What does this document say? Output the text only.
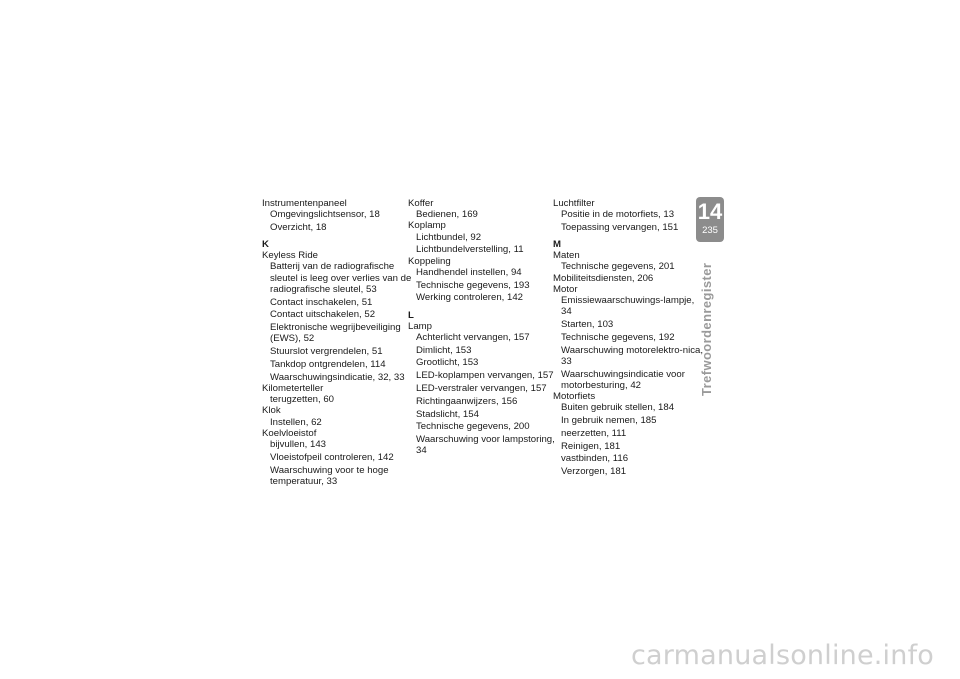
Instrumentenpaneel
Omgevingslichtsensor, 18
Overzicht, 18
K
Keyless Ride
Batterij van de radiografische sleutel is leeg over verlies van de radiografische sleutel, 53
Contact inschakelen, 51
Contact uitschakelen, 52
Elektronische wegrijbeveiliging (EWS), 52
Stuurslot vergrendelen, 51
Tankdop ontgrendelen, 114
Waarschuwingsindicatie, 32, 33
Kilometerteller
terugzetten, 60
Klok
Instellen, 62
Koelvloeistof
bijvullen, 143
Vloeistofpeil controleren, 142
Waarschuwing voor te hoge temperatuur, 33
Koffer
Bedienen, 169
Koplamp
Lichtbundel, 92
Lichtbundelverstelling, 11
Koppeling
Handhendel instellen, 94
Technische gegevens, 193
Werking controleren, 142
L
Lamp
Achterlicht vervangen, 157
Dimlicht, 153
Grootlicht, 153
LED-koplampen vervangen, 157
LED-verstraler vervangen, 157
Richtingaanwijzers, 156
Stadslicht, 154
Technische gegevens, 200
Waarschuwing voor lampstoring, 34
Luchtfilter
Positie in de motorfiets, 13
Toepassing vervangen, 151
M
Maten
Technische gegevens, 201
Mobiliteitsdiensten, 206
Motor
Emissiewaarschuwings-lampje, 34
Starten, 103
Technische gegevens, 192
Waarschuwing motorelektro-nica, 33
Waarschuwingsindicatie voor motorbesturing, 42
Motorfiets
Buiten gebruik stellen, 184
In gebruik nemen, 185
neerzetten, 111
Reinigen, 181
vastbinden, 116
Verzorgen, 181
14
235
Trefwoordenregister
carmanualsonline.info
